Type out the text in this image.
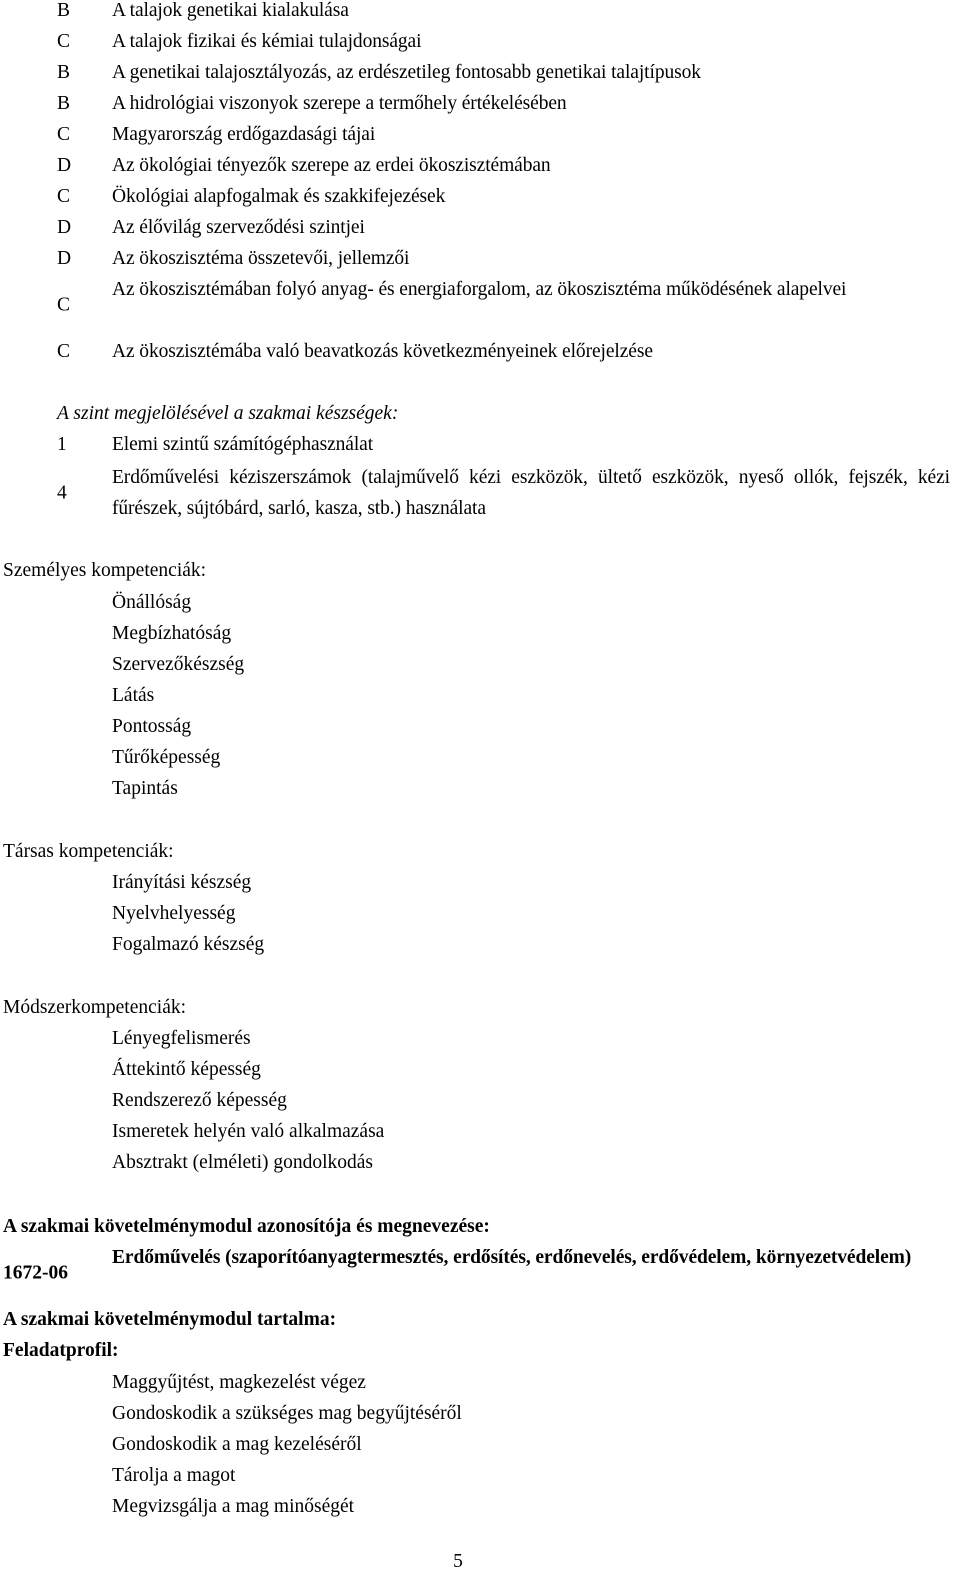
B A talajok genetikai kialakulása
C A talajok fizikai és kémiai tulajdonságai
B A genetikai talajosztályozás, az erdészetileg fontosabb genetikai talajtípusok
B A hidrológiai viszonyok szerepe a termőhely értékelésében
C Magyarország erdőgazdasági tájai
D Az ökológiai tényezők szerepe az erdei ökoszisztémában
C Ökológiai alapfogalmak és szakkifejezések
D Az élővilág szerveződési szintjei
D Az ökoszisztéma összetevői, jellemzői
C
Az ökoszisztémában folyó anyag- és energiaforgalom, az ökoszisztéma működésének alapelvei
C Az ökoszisztémába való beavatkozás következményeinek előrejelzése
A szint megjelölésével a szakmai készségek:
1 Elemi szintű számítógéphasználat
4
Erdőművelési kéziszerszámok (talajművelő kézi eszközök, ültető eszközök, nyeső ollók, fejszék, kézi fűrészek, sújtóbárd, sarló, kasza, stb.) használata
Személyes kompetenciák:
Önállóság
Megbízhatóság
Szervezőkészség
Látás
Pontosság
Tűrőképesség
Tapintás
Társas kompetenciák:
Irányítási készség
Nyelvhelyesség
Fogalmazó készség
Módszerkompetenciák:
Lényegfelismerés
Áttekintő képesség
Rendszerező képesség
Ismeretek helyén való alkalmazása
Absztrakt (elméleti) gondolkodás
A szakmai követelménymodul azonosítója és megnevezése:
1672-06
Erdőművelés (szaporítóanyagtermesztés, erdősítés, erdőnevelés, erdővédelem, környezetvédelem)
A szakmai követelménymodul tartalma:
Feladatprofil:
Maggyűjtést, magkezelést végez
Gondoskodik a szükséges mag begyűjtéséről
Gondoskodik a mag kezeléséről
Tárolja a magot
Megvizsgálja a mag minőségét
5
